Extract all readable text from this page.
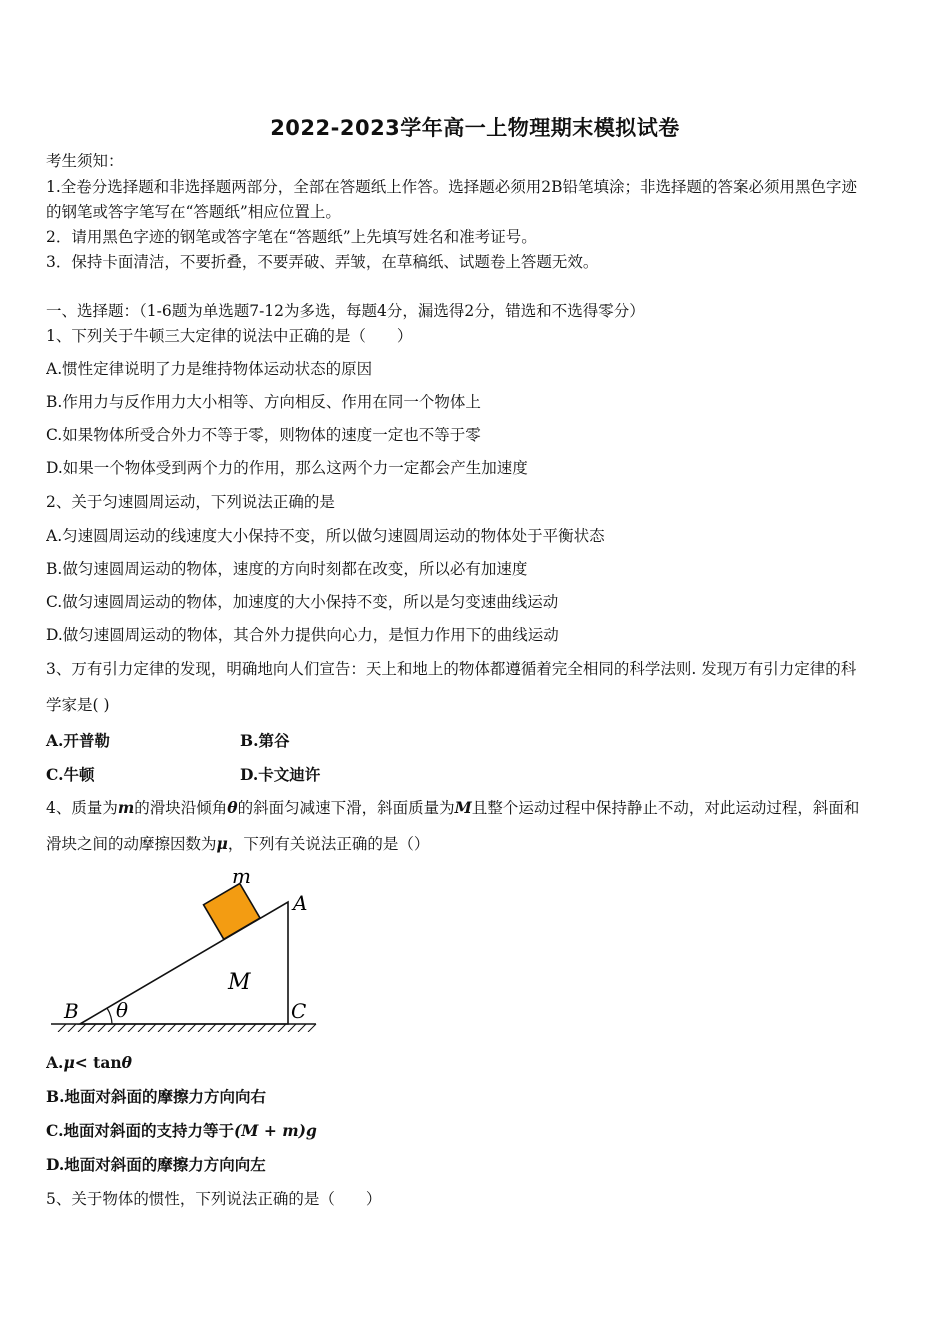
2022-2023学年高一上物理期末模拟试卷
考生须知：
1.全卷分选择题和非选择题两部分，全部在答题纸上作答。选择题必须用2B铅笔填涂；非选择题的答案必须用黑色字迹
的钢笔或答字笔写在“答题纸”相应位置上。
2．请用黑色字迹的钢笔或答字笔在“答题纸”上先填写姓名和准考证号。
3．保持卡面清洁，不要折叠，不要弄破、弄皱，在草稿纸、试题卷上答题无效。
一、选择题：（1-6题为单选题7-12为多选，每题4分，漏选得2分，错选和不选得零分）
1、下列关于牛顿三大定律的说法中正确的是（　　）
A.惯性定律说明了力是维持物体运动状态的原因
B.作用力与反作用力大小相等、方向相反、作用在同一个物体上
C.如果物体所受合外力不等于零，则物体的速度一定也不等于零
D.如果一个物体受到两个力的作用，那么这两个力一定都会产生加速度
2、关于匀速圆周运动，下列说法正确的是
A.匀速圆周运动的线速度大小保持不变，所以做匀速圆周运动的物体处于平衡状态
B.做匀速圆周运动的物体，速度的方向时刻都在改变，所以必有加速度
C.做匀速圆周运动的物体，加速度的大小保持不变，所以是匀变速曲线运动
D.做匀速圆周运动的物体，其合外力提供向心力，是恒力作用下的曲线运动
3、万有引力定律的发现，明确地向人们宣告：天上和地上的物体都遵循着完全相同的科学法则. 发现万有引力定律的科
学家是( )
A.开普勒	B.第谷
C.牛顿	D.卡文迪许
4、质量为m的滑块沿倾角θ的斜面匀减速下滑，斜面质量为M且整个运动过程中保持静止不动，对此运动过程，斜面和
滑块之间的动摩擦因数为μ，下列有关说法正确的是（）
m
A
M
B θ	C
A.μ< tanθ
B.地面对斜面的摩擦力方向向右
C.地面对斜面的支持力等于(M + m)g
D.地面对斜面的摩擦力方向向左
5、关于物体的惯性，下列说法正确的是（　　）
